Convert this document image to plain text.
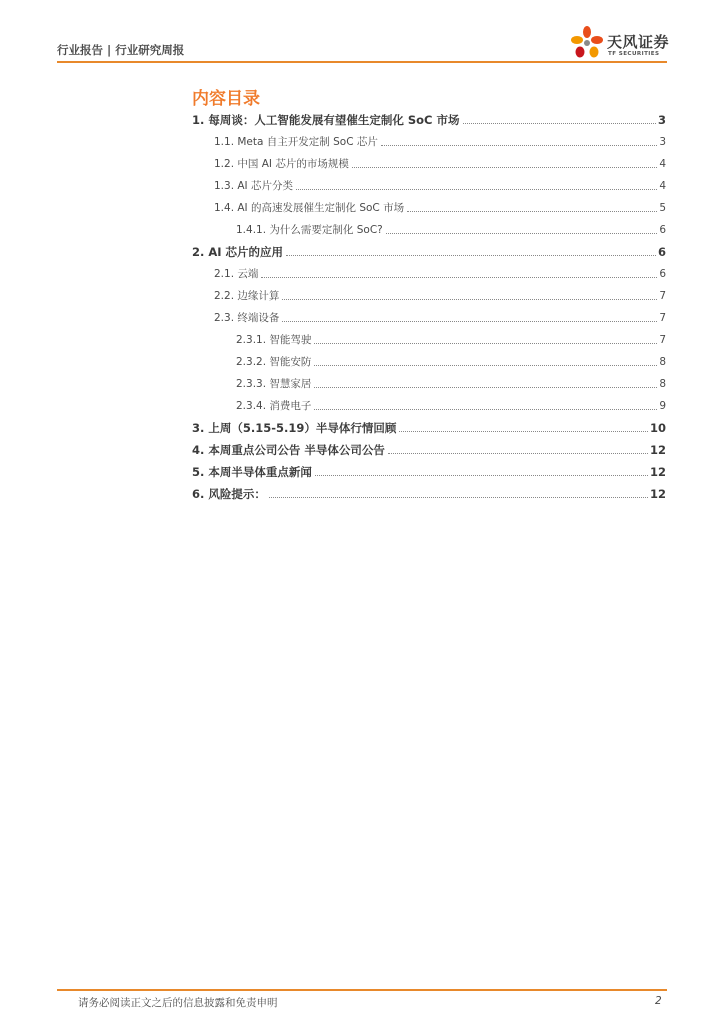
行业报告 | 行业研究周报	天风证券
TF SECURITIES
内容目录
1. 每周谈：人工智能发展有望催生定制化 SoC 市场	3
1.1. Meta 自主开发定制 SoC 芯片	3
1.2. 中国 AI 芯片的市场规模	4
1.3. AI 芯片分类	4
1.4. AI 的高速发展催生定制化 SoC 市场	5
1.4.1. 为什么需要定制化 SoC?	6
2. AI 芯片的应用	6
2.1. 云端	6
2.2. 边缘计算	7
2.3. 终端设备	7
2.3.1. 智能驾驶	7
2.3.2. 智能安防	8
2.3.3. 智慧家居	8
2.3.4. 消费电子	9
3. 上周（5.15-5.19）半导体行情回顾	10
4. 本周重点公司公告 半导体公司公告	12
5. 本周半导体重点新闻	12
6. 风险提示：	12
请务必阅读正文之后的信息披露和免责申明	2
